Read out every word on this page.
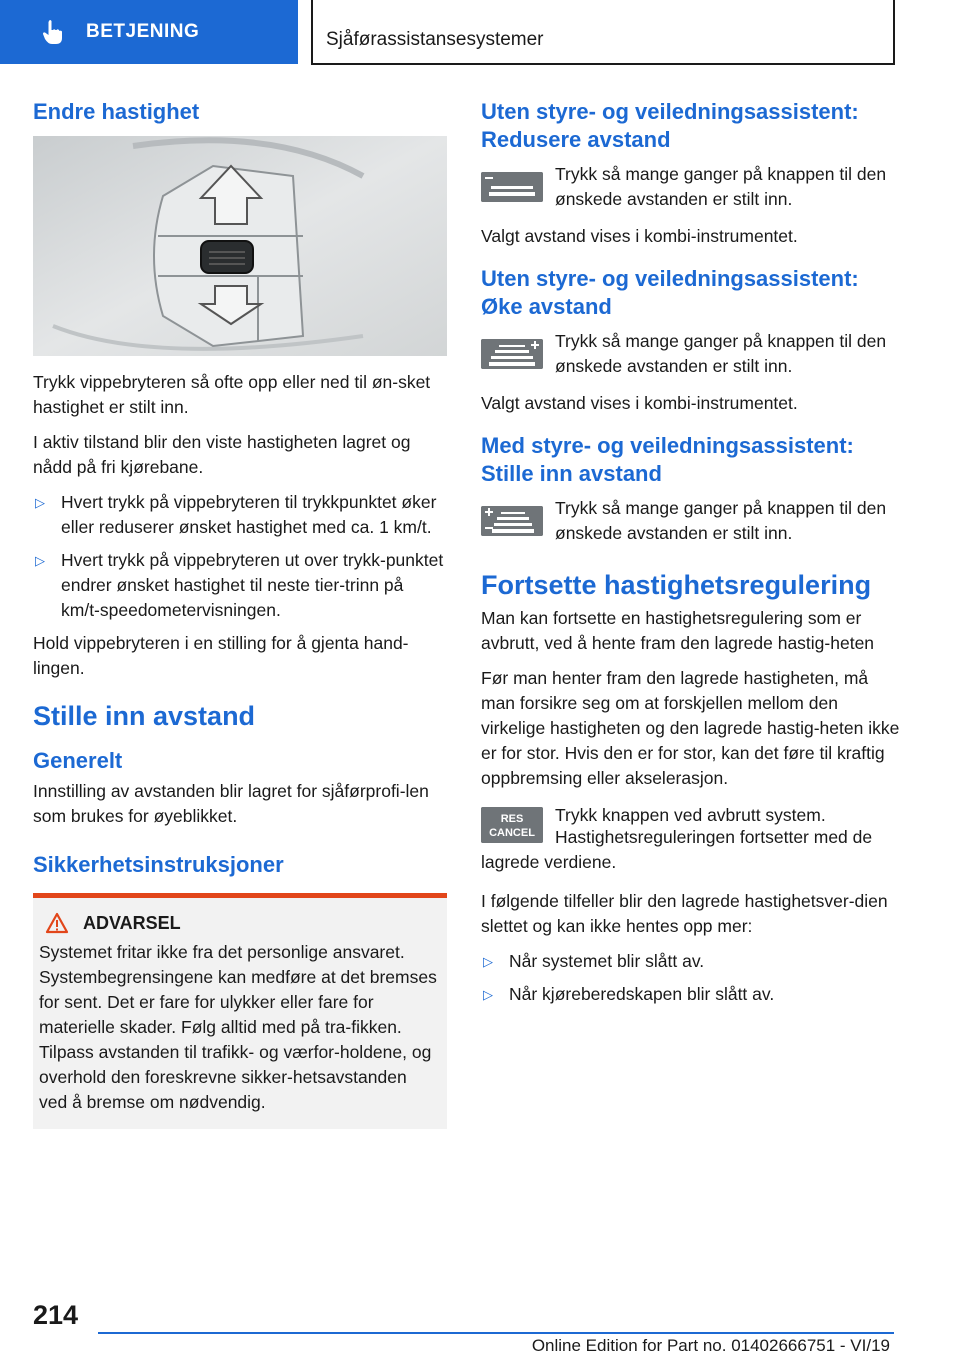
BETJENING	Sjåførassistansesystemer
Endre hastighet

Trykk vippebryteren så ofte opp eller ned til øn-sket hastighet er stilt inn.

I aktiv tilstand blir den viste hastigheten lagret og nådd på fri kjørebane.

▷ Hvert trykk på vippebryteren til trykkpunktet øker eller reduserer ønsket hastighet med ca. 1 km/t.
▷ Hvert trykk på vippebryteren ut over trykk-punktet endrer ønsket hastighet til neste tier-trinn på km/t-speedometervisningen.

Hold vippebryteren i en stilling for å gjenta hand-lingen.

Stille inn avstand
Generelt

Innstilling av avstanden blir lagret for sjåførprofi-len som brukes for øyeblikket.

Sikkerhetsinstruksjoner
ADVARSEL

Systemet fritar ikke fra det personlige ansvaret. Systembegrensingene kan medføre at det bremses for sent. Det er fare for ulykker eller fare for materielle skader. Følg alltid med på tra-fikken. Tilpass avstanden til trafikk- og værfor-holdene, og overhold den foreskrevne sikker-hetsavstanden ved å bremse om nødvendig.

Uten styre- og veiledningsassistent: Redusere avstand

Trykk så mange ganger på knappen til den ønskede avstanden er stilt inn.

Valgt avstand vises i kombi-instrumentet.

Uten styre- og veiledningsassistent: Øke avstand

Trykk så mange ganger på knappen til den ønskede avstanden er stilt inn.

Valgt avstand vises i kombi-instrumentet.

Med styre- og veiledningsassistent: Stille inn avstand

Trykk så mange ganger på knappen til den ønskede avstanden er stilt inn.

Fortsette hastighetsregulering

Man kan fortsette en hastighetsregulering som er avbrutt, ved å hente fram den lagrede hastig-heten

Før man henter fram den lagrede hastigheten, må man forsikre seg om at forskjellen mellom den virkelige hastigheten og den lagrede hastig-heten ikke er for stor. Hvis den er for stor, kan det føre til kraftig oppbremsing eller akselerasjon.

RES
CANCEL

Trykk knappen ved avbrutt system.

Hastighetsreguleringen fortsetter med de lagrede verdiene.

I følgende tilfeller blir den lagrede hastighetsver-dien slettet og kan ikke hentes opp mer:

▷ Når systemet blir slått av.
▷ Når kjøreberedskapen blir slått av.
214
Online Edition for Part no. 01402666751 - VI/19
